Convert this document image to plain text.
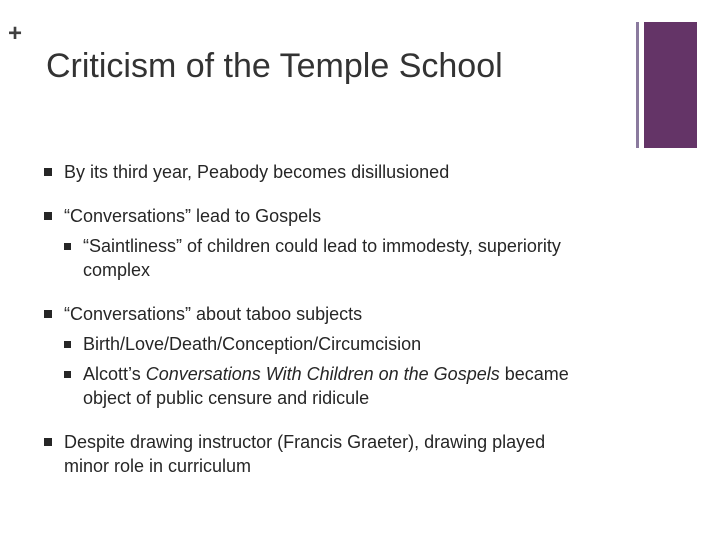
+
Criticism of the Temple School
By its third year, Peabody becomes disillusioned
“Conversations” lead to Gospels
“Saintliness” of children could lead to immodesty, superiority
complex
“Conversations” about taboo subjects
Birth/Love/Death/Conception/Circumcision
Alcott’s Conversations With Children on the Gospels became
object of public censure and ridicule
Despite drawing instructor (Francis Graeter), drawing played
minor role in curriculum
